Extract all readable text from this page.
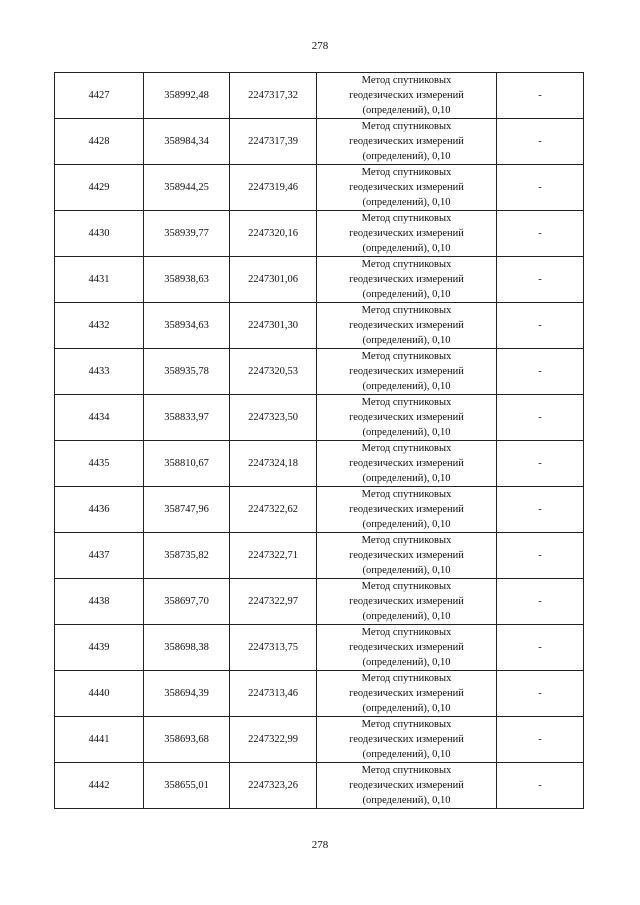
278
4427	358992,48	2247317,32	Метод спутниковых
геодезических измерений
(определений), 0,10	-
4428	358984,34	2247317,39	Метод спутниковых
геодезических измерений
(определений), 0,10	-
4429	358944,25	2247319,46	Метод спутниковых
геодезических измерений
(определений), 0,10	-
4430	358939,77	2247320,16	Метод спутниковых
геодезических измерений
(определений), 0,10	-
4431	358938,63	2247301,06	Метод спутниковых
геодезических измерений
(определений), 0,10	-
4432	358934,63	2247301,30	Метод спутниковых
геодезических измерений
(определений), 0,10	-
4433	358935,78	2247320,53	Метод спутниковых
геодезических измерений
(определений), 0,10	-
4434	358833,97	2247323,50	Метод спутниковых
геодезических измерений
(определений), 0,10	-
4435	358810,67	2247324,18	Метод спутниковых
геодезических измерений
(определений), 0,10	-
4436	358747,96	2247322,62	Метод спутниковых
геодезических измерений
(определений), 0,10	-
4437	358735,82	2247322,71	Метод спутниковых
геодезических измерений
(определений), 0,10	-
4438	358697,70	2247322,97	Метод спутниковых
геодезических измерений
(определений), 0,10	-
4439	358698,38	2247313,75	Метод спутниковых
геодезических измерений
(определений), 0,10	-
4440	358694,39	2247313,46	Метод спутниковых
геодезических измерений
(определений), 0,10	-
4441	358693,68	2247322,99	Метод спутниковых
геодезических измерений
(определений), 0,10	-
4442	358655,01	2247323,26	Метод спутниковых
геодезических измерений
(определений), 0,10	-
278
